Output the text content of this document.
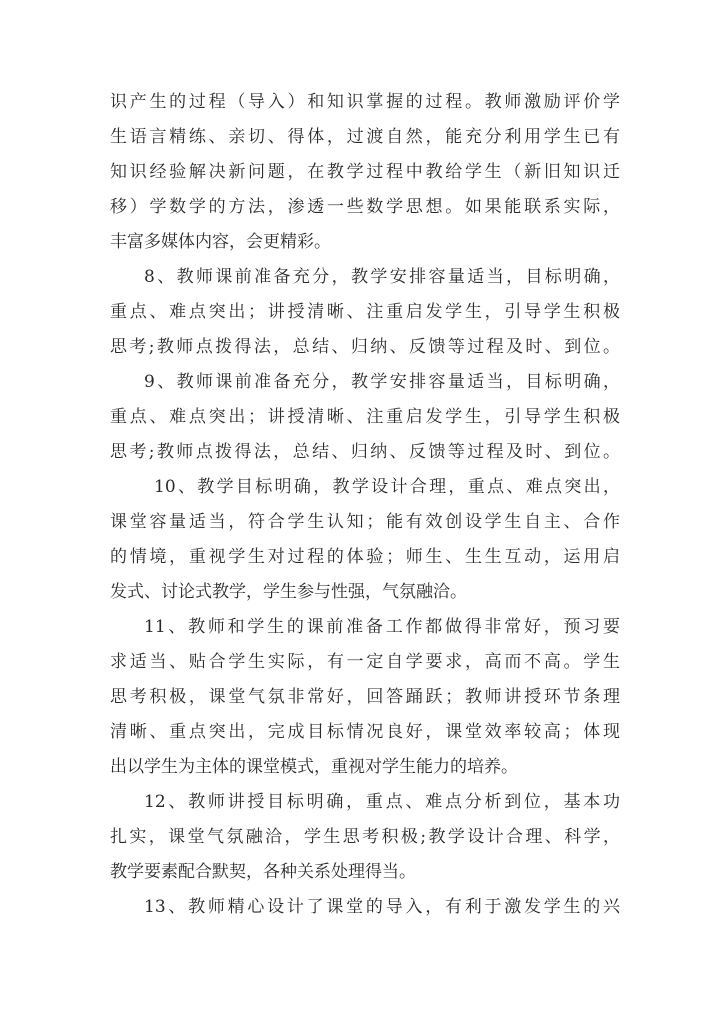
识产生的过程（导入）和知识掌握的过程。教师激励评价学
生语言精练、亲切、得体，过渡自然，能充分利用学生已有
知识经验解决新问题，在教学过程中教给学生（新旧知识迁
移）学数学的方法，渗透一些数学思想。如果能联系实际，
丰富多媒体内容，会更精彩。
8、教师课前准备充分，教学安排容量适当，目标明确，
重点、难点突出；讲授清晰、注重启发学生，引导学生积极
思考;教师点拨得法，总结、归纳、反馈等过程及时、到位。
9、教师课前准备充分，教学安排容量适当，目标明确，
重点、难点突出；讲授清晰、注重启发学生，引导学生积极
思考;教师点拨得法，总结、归纳、反馈等过程及时、到位。
10、教学目标明确，教学设计合理，重点、难点突出，
课堂容量适当，符合学生认知；能有效创设学生自主、合作
的情境，重视学生对过程的体验；师生、生生互动，运用启
发式、讨论式教学，学生参与性强，气氛融洽。
11、教师和学生的课前准备工作都做得非常好，预习要
求适当、贴合学生实际，有一定自学要求，高而不高。学生
思考积极，课堂气氛非常好，回答踊跃；教师讲授环节条理
清晰、重点突出，完成目标情况良好，课堂效率较高；体现
出以学生为主体的课堂模式，重视对学生能力的培养。
12、教师讲授目标明确，重点、难点分析到位，基本功
扎实，课堂气氛融洽，学生思考积极;教学设计合理、科学，
教学要素配合默契，各种关系处理得当。
13、教师精心设计了课堂的导入，有利于激发学生的兴
